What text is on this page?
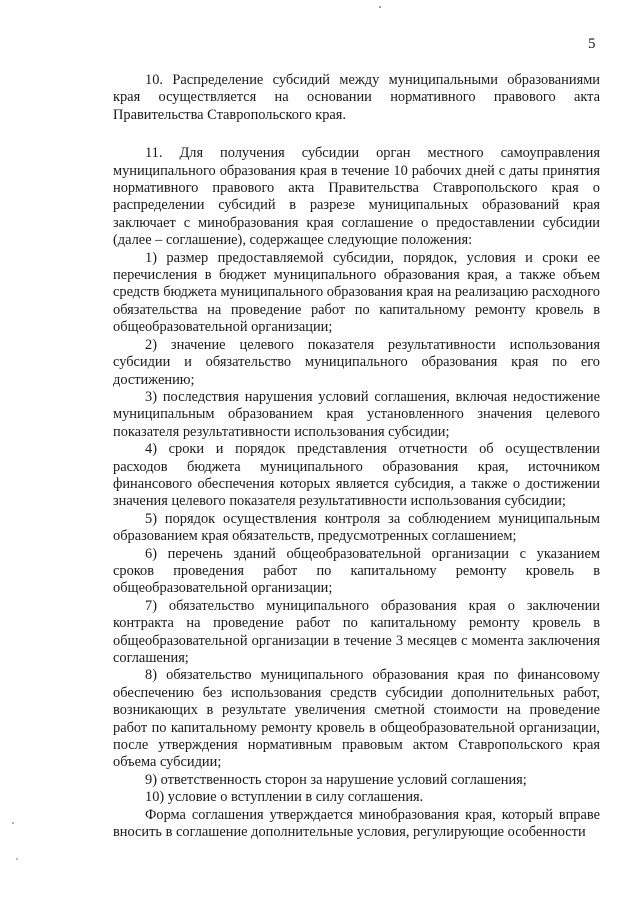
5

10. Распределение субсидий между муниципальными образованиями края осуществляется на основании нормативного правового акта Правительства Ставропольского края.

11. Для получения субсидии орган местного самоуправления муниципального образования края в течение 10 рабочих дней с даты принятия нормативного правового акта Правительства Ставропольского края о распределении субсидий в разрезе муниципальных образований края заключает с минобразования края соглашение о предоставлении субсидии (далее – соглашение), содержащее следующие положения:

1) размер предоставляемой субсидии, порядок, условия и сроки ее перечисления в бюджет муниципального образования края, а также объем средств бюджета муниципального образования края на реализацию расходного обязательства на проведение работ по капитальному ремонту кровель в общеобразовательной организации;

2) значение целевого показателя результативности использования субсидии и обязательство муниципального образования края по его достижению;

3) последствия нарушения условий соглашения, включая недостижение муниципальным образованием края установленного значения целевого показателя результативности использования субсидии;

4) сроки и порядок представления отчетности об осуществлении расходов бюджета муниципального образования края, источником финансового обеспечения которых является субсидия, а также о достижении значения целевого показателя результативности использования субсидии;

5) порядок осуществления контроля за соблюдением муниципальным образованием края обязательств, предусмотренных соглашением;

6) перечень зданий общеобразовательной организации с указанием сроков проведения работ по капитальному ремонту кровель в общеобразовательной организации;

7) обязательство муниципального образования края о заключении контракта на проведение работ по капитальному ремонту кровель в общеобразовательной организации в течение 3 месяцев с момента заключения соглашения;

8) обязательство муниципального образования края по финансовому обеспечению без использования средств субсидии дополнительных работ, возникающих в результате увеличения сметной стоимости на проведение работ по капитальному ремонту кровель в общеобразовательной организации, после утверждения нормативным правовым актом Ставропольского края объема субсидии;

9) ответственность сторон за нарушение условий соглашения;

10) условие о вступлении в силу соглашения.

Форма соглашения утверждается минобразования края, который вправе вносить в соглашение дополнительные условия, регулирующие особенности
